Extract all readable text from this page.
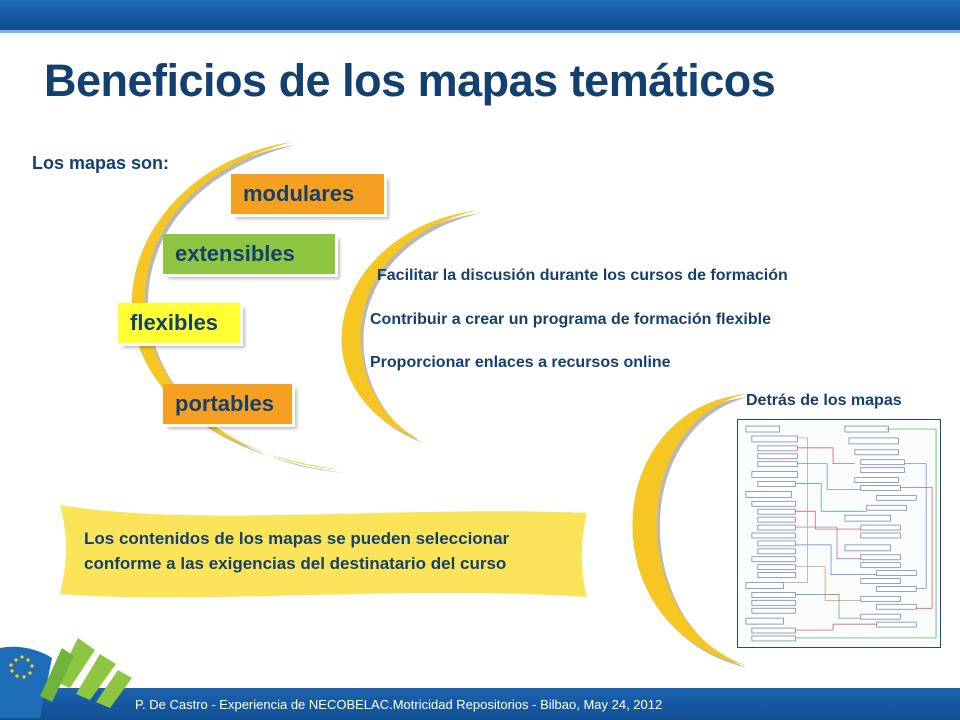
Beneficios de los mapas temáticos
Los mapas son:
modulares
extensibles
flexibles
portables
Facilitar la discusión durante los cursos de formación
Contribuir a crear un programa de formación flexible
Proporcionar enlaces a recursos online
Detrás de los mapas
Los contenidos de los mapas se pueden seleccionar
conforme a las exigencias del destinatario del curso
P. De Castro - Experiencia de NECOBELAC.Motricidad Repositorios - Bilbao, May 24, 2012
